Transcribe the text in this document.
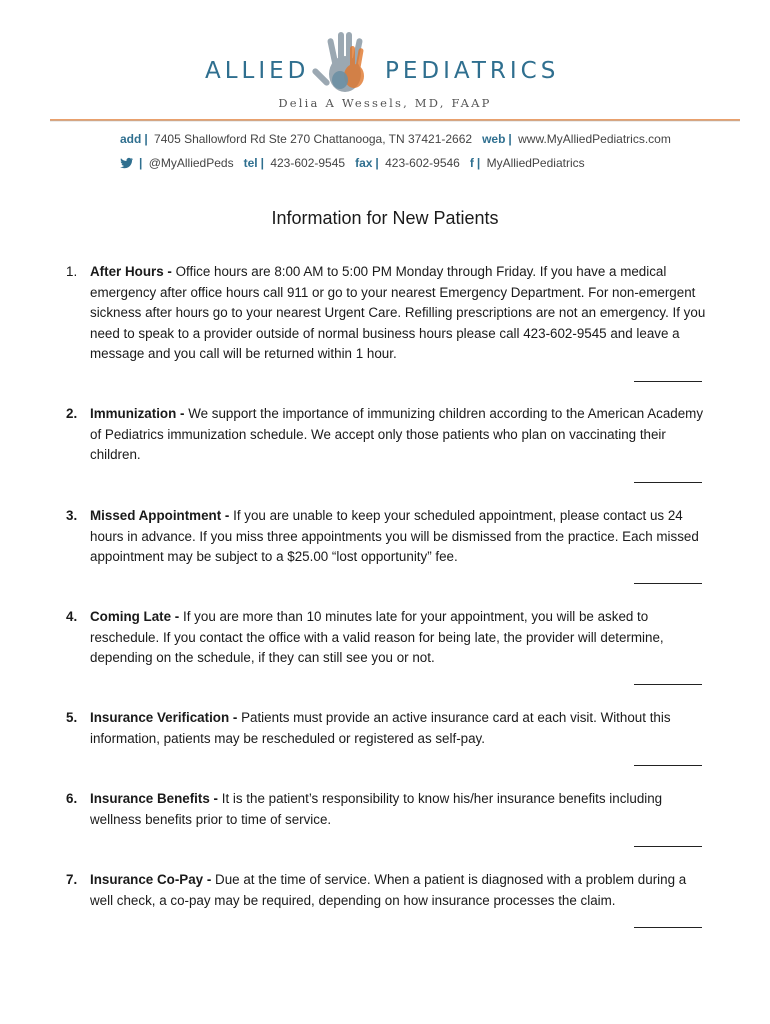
ALLIED	PEDIATRICS
Delia A Wessels, MD, FAAP
add | 7405 Shallowford Rd Ste 270 Chattanooga, TN 37421-2662 web | www.MyAlliedPediatrics.com
| @MyAlliedPeds tel | 423-602-9545 fax | 423-602-9546 f | MyAlliedPediatrics
Information for New Patients
1. After Hours - Office hours are 8:00 AM to 5:00 PM Monday through Friday. If you have a medical emergency after office hours call 911 or go to your nearest Emergency Department. For non-emergent sickness after hours go to your nearest Urgent Care. Refilling prescriptions are not an emergency. If you need to speak to a provider outside of normal business hours please call 423-602-9545 and leave a message and you call will be returned within 1 hour.
2. Immunization - We support the importance of immunizing children according to the American Academy of Pediatrics immunization schedule. We accept only those patients who plan on vaccinating their children.
3. Missed Appointment - If you are unable to keep your scheduled appointment, please contact us 24 hours in advance. If you miss three appointments you will be dismissed from the practice. Each missed appointment may be subject to a $25.00 “lost opportunity” fee.
4. Coming Late - If you are more than 10 minutes late for your appointment, you will be asked to reschedule. If you contact the office with a valid reason for being late, the provider will determine, depending on the schedule, if they can still see you or not.
5. Insurance Verification - Patients must provide an active insurance card at each visit. Without this information, patients may be rescheduled or registered as self-pay.
6. Insurance Benefits - It is the patient’s responsibility to know his/her insurance benefits including wellness benefits prior to time of service.
7. Insurance Co-Pay - Due at the time of service. When a patient is diagnosed with a problem during a well check, a co-pay may be required, depending on how insurance processes the claim.
